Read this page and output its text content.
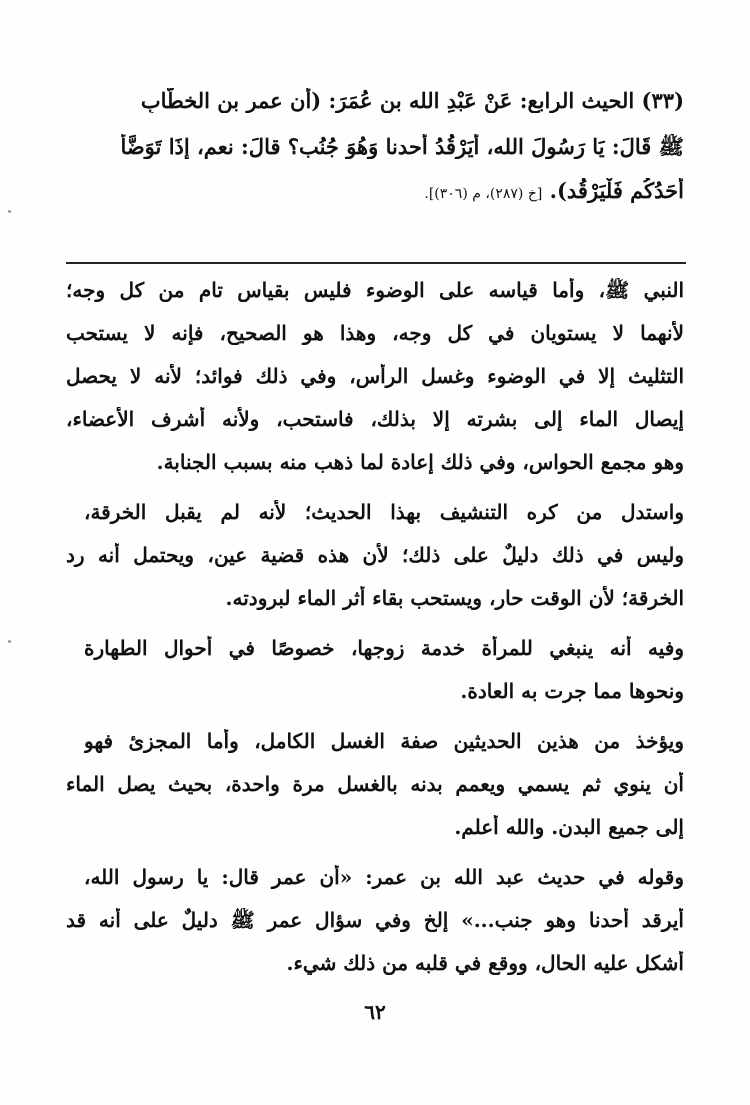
(٣٣) الحيث الرابع: عَنْ عَبْدِ الله بن عُمَرَ: (أن عمر بن الخطّابِ
ﷺ قَالَ: يَا رَسُولَ الله، أَيَرْقُدُ أحدنا وَهُوَ جُنُب؟ قالَ: نعم، إِذَا تَوَضَّأَ
أَحَدُكُم فَلْيَرْقُد). [خ (٢٨٧)، م (٣٠٦)].
النبي ﷺ، وأما قياسه على الوضوء فليس بقياس تام من كل وجه؛
لأنهما لا يستويان في كل وجه، وهذا هو الصحيح، فإنه لا يستحب
التثليث إلا في الوضوء وغسل الرأس، وفي ذلك فوائد؛ لأنه لا يحصل
إيصال الماء إلى بشرته إلا بذلك، فاستحب، ولأنه أشرف الأعضاء،
وهو مجمع الحواس، وفي ذلك إعادة لما ذهب منه بسبب الجنابة.
واستدل من كره التنشيف بهذا الحديث؛ لأنه لم يقبل الخرقة،
وليس في ذلك دليلٌ على ذلك؛ لأن هذه قضية عين، ويحتمل أنه رد
الخرقة؛ لأن الوقت حار، ويستحب بقاء أثر الماء لبرودته.
وفيه أنه ينبغي للمرأة خدمة زوجها، خصوصًا في أحوال الطهارة
ونحوها مما جرت به العادة.
ويؤخذ من هذين الحديثين صفة الغسل الكامل، وأما المجزئ فهو
أن ينوي ثم يسمي ويعمم بدنه بالغسل مرة واحدة، بحيث يصل الماء
إلى جميع البدن. والله أعلم.
وقوله في حديث عبد الله بن عمر: «أن عمر قال: يا رسول الله،
أيرقد أحدنا وهو جنب...» إلخ وفي سؤال عمر ﷺ دليلٌ على أنه قد
أشكل عليه الحال، ووقع في قلبه من ذلك شيء.
٦٢
